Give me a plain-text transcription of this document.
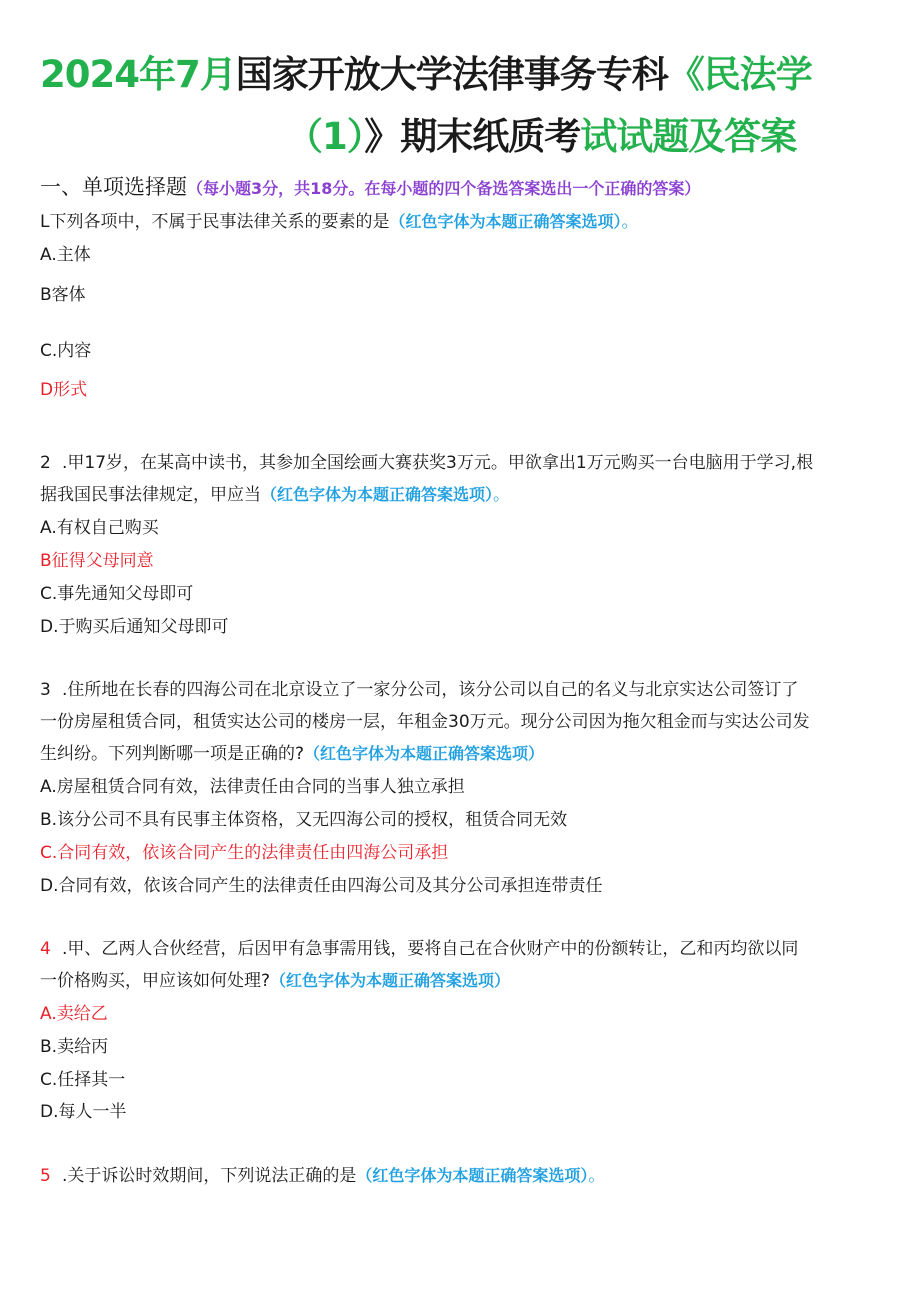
2024年7月国家开放大学法律事务专科《民法学
（1）》期末纸质考试试题及答案
一、单项选择题（每小题3分，共18分。在每小题的四个备选答案选出一个正确的答案）
L下列各项中，不属于民事法律关系的要素的是（红色字体为本题正确答案选项）。
A.主体
B客体
C.内容
D形式
2 .甲17岁，在某高中读书，其参加全国绘画大赛获奖3万元。甲欲拿出1万元购买一台电脑用于学习,根
据我国民事法律规定，甲应当（红色字体为本题正确答案选项）。
A.有权自己购买
B征得父母同意
C.事先通知父母即可
D.于购买后通知父母即可
3 .住所地在长春的四海公司在北京设立了一家分公司，该分公司以自己的名义与北京实达公司签订了
一份房屋租赁合同，租赁实达公司的楼房一层，年租金30万元。现分公司因为拖欠租金而与实达公司发
生纠纷。下列判断哪一项是正确的?（红色字体为本题正确答案选项）
A.房屋租赁合同有效，法律责任由合同的当事人独立承担
B.该分公司不具有民事主体资格，又无四海公司的授权，租赁合同无效
C.合同有效，依该合同产生的法律责任由四海公司承担
D.合同有效，依该合同产生的法律责任由四海公司及其分公司承担连带责任
4 .甲、乙两人合伙经营，后因甲有急事需用钱，要将自己在合伙财产中的份额转让，乙和丙均欲以同
一价格购买，甲应该如何处理?（红色字体为本题正确答案选项）
A.卖给乙
B.卖给丙
C.任择其一
D.每人一半
5 .关于诉讼时效期间，下列说法正确的是（红色字体为本题正确答案选项）。
